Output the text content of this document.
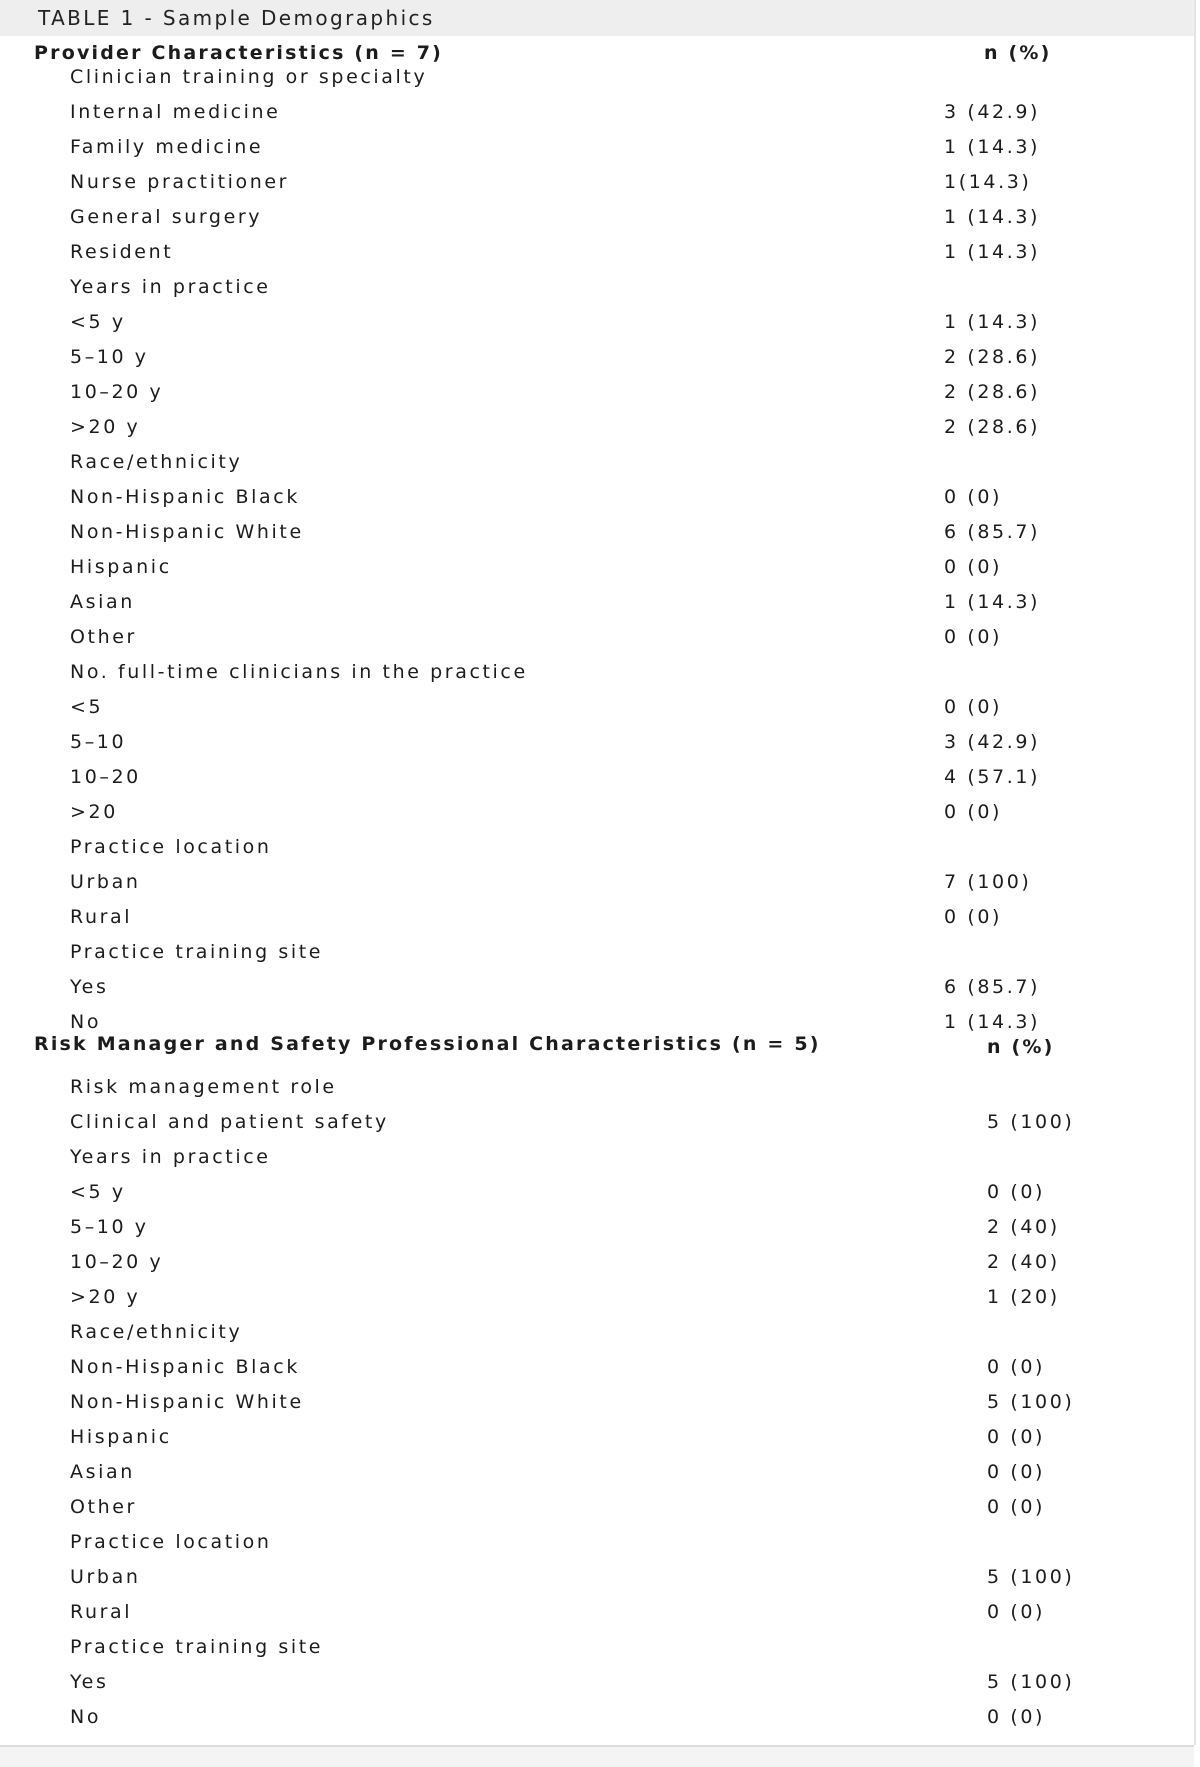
TABLE 1 - Sample Demographics
Provider Characteristics (n = 7)	n (%)
Clinician training or specialty
Internal medicine	3 (42.9)
Family medicine	1 (14.3)
Nurse practitioner	1(14.3)
General surgery	1 (14.3)
Resident	1 (14.3)
Years in practice
<5 y	1 (14.3)
5–10 y	2 (28.6)
10–20 y	2 (28.6)
>20 y	2 (28.6)
Race/ethnicity
Non-Hispanic Black	0 (0)
Non-Hispanic White	6 (85.7)
Hispanic	0 (0)
Asian	1 (14.3)
Other	0 (0)
No. full-time clinicians in the practice
<5	0 (0)
5–10	3 (42.9)
10–20	4 (57.1)
>20	0 (0)
Practice location
Urban	7 (100)
Rural	0 (0)
Practice training site
Yes	6 (85.7)
No	1 (14.3)
Risk Manager and Safety Professional Characteristics (n = 5)	n (%)
Risk management role
Clinical and patient safety	5 (100)
Years in practice
<5 y	0 (0)
5–10 y	2 (40)
10–20 y	2 (40)
>20 y	1 (20)
Race/ethnicity
Non-Hispanic Black	0 (0)
Non-Hispanic White	5 (100)
Hispanic	0 (0)
Asian	0 (0)
Other	0 (0)
Practice location
Urban	5 (100)
Rural	0 (0)
Practice training site
Yes	5 (100)
No	0 (0)
